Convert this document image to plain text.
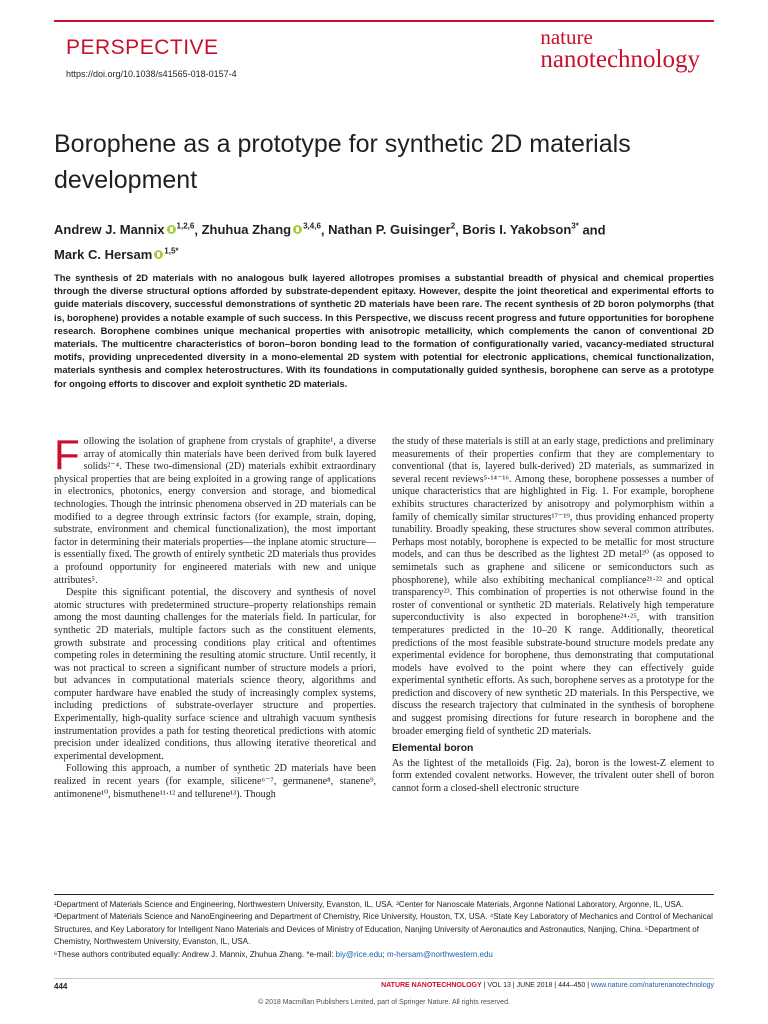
PERSPECTIVE
https://doi.org/10.1038/s41565-018-0157-4
nature
nanotechnology
Borophene as a prototype for synthetic 2D materials development
Andrew J. Mannix $^{1,2,6}$, Zhuhua Zhang $^{3,4,6}$, Nathan P. Guisinger$^2$, Boris I. Yakobson$^{3*}$ and
Mark C. Hersam $^{1,5*}$

The synthesis of 2D materials with no analogous bulk layered allotropes promises a substantial breadth of physical and chemical properties through the diverse structural options afforded by substrate-dependent epitaxy. However, despite the joint theoretical and experimental efforts to guide materials discovery, successful demonstrations of synthetic 2D materials have been rare. The recent synthesis of 2D boron polymorphs (that is, borophene) provides a notable example of such success. In this Perspective, we discuss recent progress and future opportunities for borophene research. Borophene combines unique mechanical properties with anisotropic metallicity, which complements the canon of conventional 2D materials. The multicentre characteristics of boron–boron bonding lead to the formation of configurationally varied, vacancy-mediated structural motifs, providing unprecedented diversity in a mono-elemental 2D system with potential for electronic applications, chemical functionalization, materials synthesis and complex heterostructures. With its foundations in computationally guided synthesis, borophene can serve as a prototype for ongoing efforts to discover and exploit synthetic 2D materials.

Following the isolation of graphene from crystals of graphite¹, a diverse array of atomically thin materials have been derived from bulk layered solids²⁻⁴. These two-dimensional (2D) materials exhibit extraordinary physical properties that are being exploited in a growing range of applications in electronics, photonics, energy conversion and storage, and biomedical technologies. Though the intrinsic phenomena observed in 2D materials can be modified to a degree through extrinsic factors (for example, strain, doping, substrate, environment and chemical functionalization), the most important factor in determining their materials properties—the inplane atomic structure—is essentially fixed. The growth of entirely synthetic 2D materials thus provides a profound opportunity for engineered materials with new and unique attributes⁵.

Despite this significant potential, the discovery and synthesis of novel atomic structures with predetermined structure–property relationships remain among the most daunting challenges for the materials field. In particular, for synthetic 2D materials, multiple factors such as the constituent elements, growth substrate and processing conditions play critical and oftentimes competing roles in determining the resulting atomic structure. Until recently, it was not practical to screen a significant number of structure models a priori, but advances in computational materials science theory, algorithms and computer hardware have enabled the study of increasingly complex systems, including predictions of substrate-overlayer structure and properties. Experimentally, high-quality surface science and ultrahigh vacuum synthesis instrumentation provides a path for testing theoretical predictions with atomic precision under idealized conditions, thus allowing iterative theoretical and experimental development.

Following this approach, a number of synthetic 2D materials have been realized in recent years (for example, silicene⁶⁻⁷, germanene⁸, stanene⁹, antimonene¹⁰, bismuthene¹¹·¹² and tellurene¹³). Though

the study of these materials is still at an early stage, predictions and preliminary measurements of their properties confirm that they are complementary to conventional (that is, layered bulk-derived) 2D materials, as summarized in several recent reviews⁵·¹⁴⁻¹⁶. Among these, borophene possesses a number of unique characteristics that are highlighted in Fig. 1. For example, borophene exhibits structures characterized by anisotropy and polymorphism within a family of chemically similar structures¹⁷⁻¹⁹, thus providing enhanced property tunability. Broadly speaking, these structures show several common attributes. Perhaps most notably, borophene is expected to be metallic for most structure models, and can thus be described as the lightest 2D metal²⁰ (as opposed to semimetals such as graphene and silicene or semiconductors such as phosphorene), while also exhibiting mechanical compliance²¹·²² and optical transparency²³. This combination of properties is not otherwise found in the roster of conventional or synthetic 2D materials. Relatively high temperature superconductivity is also expected in borophene²⁴·²⁵, with transition temperatures predicted in the 10–20 K range. Additionally, theoretical predictions of the most feasible substrate-bound structure models predate any experimental evidence for borophene, thus demonstrating that computational models have evolved to the point where they can effectively guide experimental synthetic efforts. As such, borophene serves as a prototype for the prediction and discovery of new synthetic 2D materials. In this Perspective, we discuss the research trajectory that culminated in the synthesis of borophene and suggest promising directions for future research in borophene and the broader emerging field of synthetic 2D materials.

Elemental boron

As the lightest of the metalloids (Fig. 2a), boron is the lowest-Z element to form extended covalent networks. However, the trivalent outer shell of boron cannot form a closed-shell electronic structure

¹Department of Materials Science and Engineering, Northwestern University, Evanston, IL, USA. ²Center for Nanoscale Materials, Argonne National Laboratory, Argonne, IL, USA. ³Department of Materials Science and NanoEngineering and Department of Chemistry, Rice University, Houston, TX, USA. ⁴State Key Laboratory of Mechanics and Control of Mechanical Structures, and Key Laboratory for Intelligent Nano Materials and Devices of Ministry of Education, Nanjing University of Aeronautics and Astronautics, Nanjing, China. ⁵Department of Chemistry, Northwestern University, Evanston, IL, USA.
⁶These authors contributed equally: Andrew J. Mannix, Zhuhua Zhang. *e-mail: biy@rice.edu; m-hersam@northwestern.edu

444	NATURE NANOTECHNOLOGY | VOL 13 | JUNE 2018 | 444–450 | www.nature.com/naturenanotechnology
© 2018 Macmillan Publishers Limited, part of Springer Nature. All rights reserved.
